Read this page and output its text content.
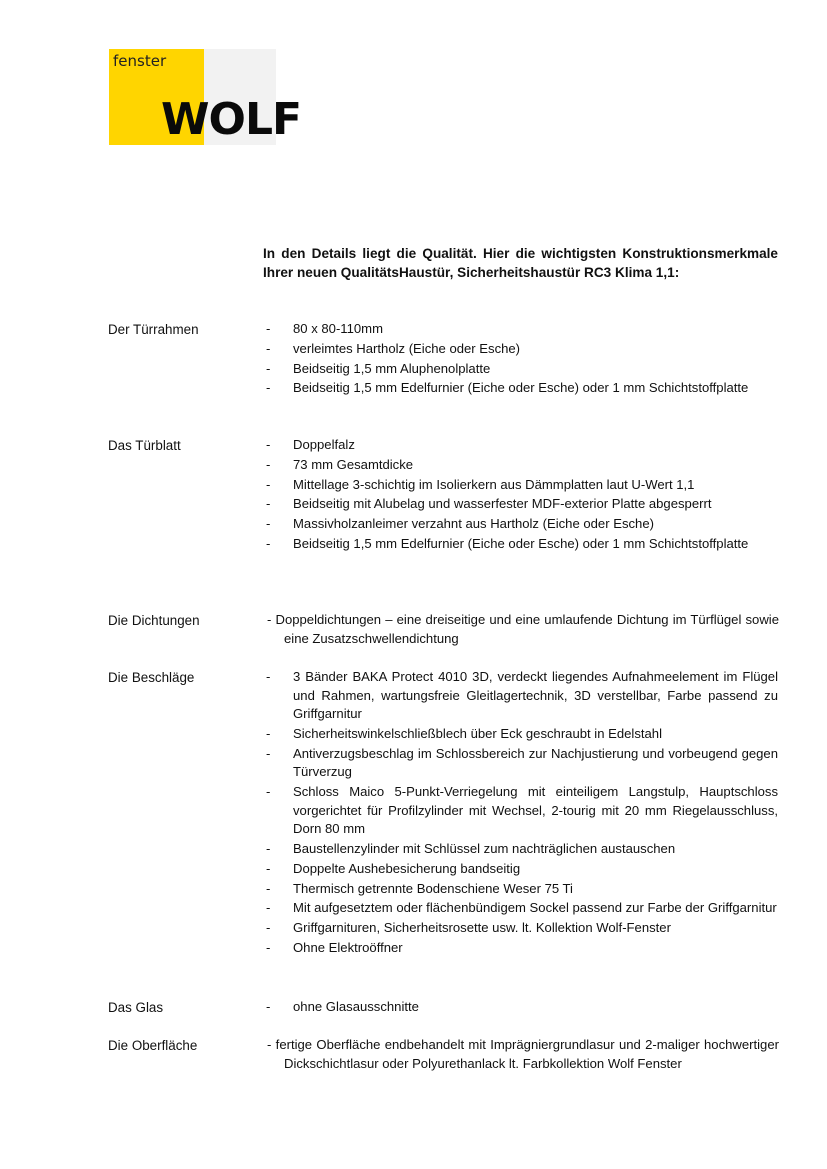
fenster
WOLF
In den Details liegt die Qualität. Hier die wichtigsten Konstruktionsmerkmale Ihrer neuen QualitätsHaustür, Sicherheitshaustür RC3 Klima 1,1:
Der Türrahmen	- 80 x 80-110mm
- verleimtes Hartholz (Eiche oder Esche)
- Beidseitig 1,5 mm Aluphenolplatte
- Beidseitig 1,5 mm Edelfurnier (Eiche oder Esche) oder 1 mm Schichtstoffplatte
Das Türblatt	- Doppelfalz
- 73 mm Gesamtdicke
- Mittellage 3-schichtig im Isolierkern aus Dämmplatten laut U-Wert 1,1
- Beidseitig mit Alubelag und wasserfester MDF-exterior Platte abgesperrt
- Massivholzanleimer verzahnt aus Hartholz (Eiche oder Esche)
- Beidseitig 1,5 mm Edelfurnier (Eiche oder Esche) oder 1 mm Schichtstoffplatte
Die Dichtungen	- Doppeldichtungen – eine dreiseitige und eine umlaufende Dichtung im Türflügel sowie eine Zusatzschwellendichtung
Die Beschläge	- 3 Bänder BAKA Protect 4010 3D, verdeckt liegendes Aufnahmeelement im Flügel und Rahmen, wartungsfreie Gleitlagertechnik, 3D verstellbar, Farbe passend zu Griffgarnitur
- Sicherheitswinkelschließblech über Eck geschraubt in Edelstahl
- Antiverzugsbeschlag im Schlossbereich zur Nachjustierung und vorbeugend gegen Türverzug
- Schloss Maico 5-Punkt-Verriegelung mit einteiligem Langstulp, Hauptschloss vorgerichtet für Profilzylinder mit Wechsel, 2-tourig mit 20 mm Riegelausschluss, Dorn 80 mm
- Baustellenzylinder mit Schlüssel zum nachträglichen austauschen
- Doppelte Aushebesicherung bandseitig
- Thermisch getrennte Bodenschiene Weser 75 Ti
- Mit aufgesetztem oder flächenbündigem Sockel passend zur Farbe der Griffgarnitur
- Griffgarnituren, Sicherheitsrosette usw. lt. Kollektion Wolf-Fenster
- Ohne Elektroöffner
Das Glas	- ohne Glasausschnitte
Die Oberfläche	- fertige Oberfläche endbehandelt mit Imprägniergrundlasur und 2-maliger hochwertiger Dickschichtlasur oder Polyurethanlack lt. Farbkollektion Wolf Fenster
